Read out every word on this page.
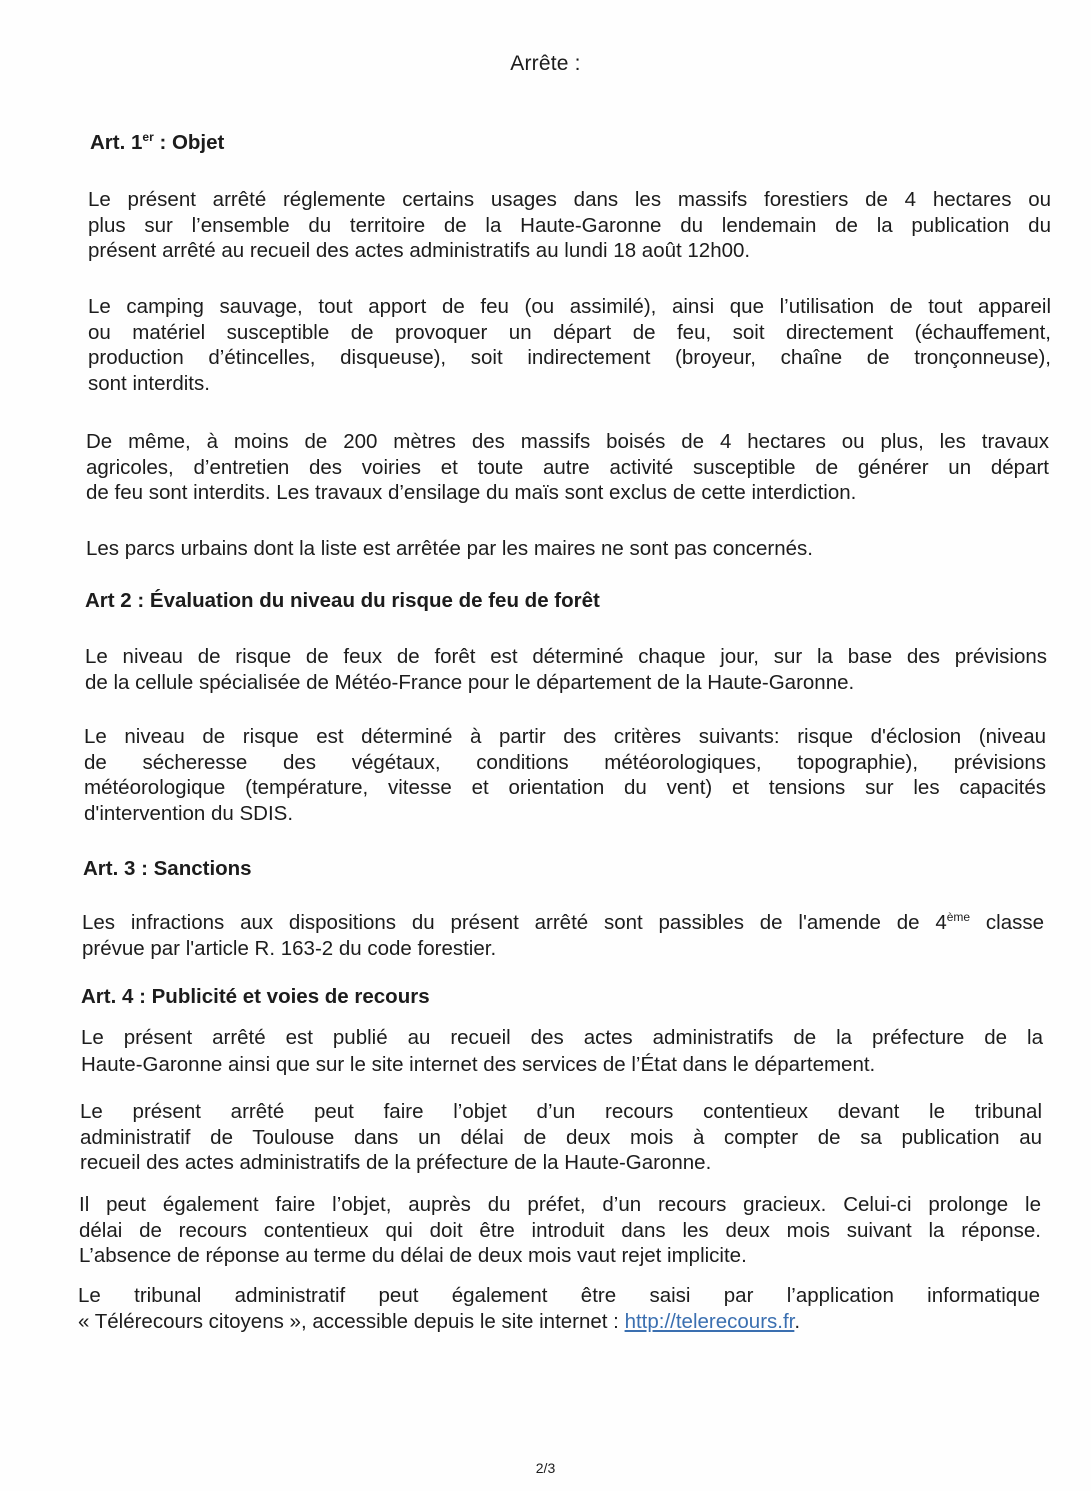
Arrête :
Art. 1er : Objet
Le présent arrêté réglemente certains usages dans les massifs forestiers de 4 hectares ou
plus sur l’ensemble du territoire de la Haute-Garonne du lendemain de la publication du
présent arrêté au recueil des actes administratifs au lundi 18 août 12h00.
Le camping sauvage, tout apport de feu (ou assimilé), ainsi que l’utilisation de tout appareil
ou matériel susceptible de provoquer un départ de feu, soit directement (échauffement,
production d’étincelles, disqueuse), soit indirectement (broyeur, chaîne de tronçonneuse),
sont interdits.
De même, à moins de 200 mètres des massifs boisés de 4 hectares ou plus, les travaux
agricoles, d’entretien des voiries et toute autre activité susceptible de générer un départ
de feu sont interdits. Les travaux d’ensilage du maïs sont exclus de cette interdiction.
Les parcs urbains dont la liste est arrêtée par les maires ne sont pas concernés.
Art 2 : Évaluation du niveau du risque de feu de forêt
Le niveau de risque de feux de forêt est déterminé chaque jour, sur la base des prévisions
de la cellule spécialisée de Météo-France pour le département de la Haute-Garonne.
Le niveau de risque est déterminé à partir des critères suivants: risque d'éclosion (niveau
de sécheresse des végétaux, conditions météorologiques, topographie), prévisions
météorologique (température, vitesse et orientation du vent) et tensions sur les capacités
d'intervention du SDIS.
Art. 3 : Sanctions
Les infractions aux dispositions du présent arrêté sont passibles de l'amende de 4ème classe
prévue par l'article R. 163-2 du code forestier.
Art. 4 : Publicité et voies de recours
Le présent arrêté est publié au recueil des actes administratifs de la préfecture de la
Haute-Garonne ainsi que sur le site internet des services de l’État dans le département.
Le présent arrêté peut faire l’objet d’un recours contentieux devant le tribunal
administratif de Toulouse dans un délai de deux mois à compter de sa publication au
recueil des actes administratifs de la préfecture de la Haute-Garonne.
Il peut également faire l’objet, auprès du préfet, d’un recours gracieux. Celui-ci prolonge le
délai de recours contentieux qui doit être introduit dans les deux mois suivant la réponse.
L’absence de réponse au terme du délai de deux mois vaut rejet implicite.
Le tribunal administratif peut également être saisi par l’application informatique
« Télérecours citoyens », accessible depuis le site internet : http://telerecours.fr.
2/3
